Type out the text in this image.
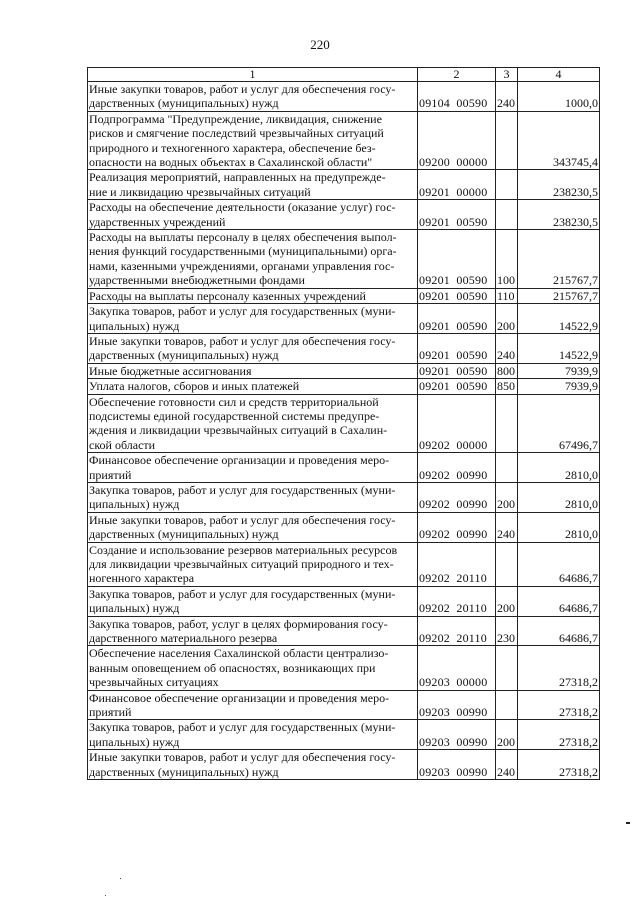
220
1	2	3	4
Иные закупки товаров, работ и услуг для обеспечения госу-
дарственных (муниципальных) нужд	09104  00590	240	1000,0
Подпрограмма "Предупреждение, ликвидация, снижение
рисков и смягчение последствий чрезвычайных ситуаций
природного и техногенного характера, обеспечение без-
опасности на водных объектах в Сахалинской области"	09200  00000		343745,4
Реализация мероприятий, направленных на предупрежде-
ние и ликвидацию чрезвычайных ситуаций	09201  00000		238230,5
Расходы на обеспечение деятельности (оказание услуг) гос-
ударственных учреждений	09201  00590		238230,5
Расходы на выплаты персоналу в целях обеспечения выпол-
нения функций государственными (муниципальными) орга-
нами, казенными учреждениями, органами управления гос-
ударственными внебюджетными фондами	09201  00590	100	215767,7
Расходы на выплаты персоналу казенных учреждений	09201  00590	110	215767,7
Закупка товаров, работ и услуг для государственных (муни-
ципальных) нужд	09201  00590	200	14522,9
Иные закупки товаров, работ и услуг для обеспечения госу-
дарственных (муниципальных) нужд	09201  00590	240	14522,9
Иные бюджетные ассигнования	09201  00590	800	7939,9
Уплата налогов, сборов и иных платежей	09201  00590	850	7939,9
Обеспечение готовности сил и средств территориальной
подсистемы единой государственной системы предупре-
ждения и ликвидации чрезвычайных ситуаций в Сахалин-
ской области	09202  00000		67496,7
Финансовое обеспечение организации и проведения меро-
приятий	09202  00990		2810,0
Закупка товаров, работ и услуг для государственных (муни-
ципальных) нужд	09202  00990	200	2810,0
Иные закупки товаров, работ и услуг для обеспечения госу-
дарственных (муниципальных) нужд	09202  00990	240	2810,0
Создание и использование резервов материальных ресурсов
для ликвидации чрезвычайных ситуаций природного и тех-
ногенного характера	09202  20110		64686,7
Закупка товаров, работ и услуг для государственных (муни-
ципальных) нужд	09202  20110	200	64686,7
Закупка товаров, работ, услуг в целях формирования госу-
дарственного материального резерва	09202  20110	230	64686,7
Обеспечение населения Сахалинской области централизо-
ванным оповещением об опасностях, возникающих при
чрезвычайных ситуациях	09203  00000		27318,2
Финансовое обеспечение организации и проведения меро-
приятий	09203  00990		27318,2
Закупка товаров, работ и услуг для государственных (муни-
ципальных) нужд	09203  00990	200	27318,2
Иные закупки товаров, работ и услуг для обеспечения госу-
дарственных (муниципальных) нужд	09203  00990	240	27318,2
